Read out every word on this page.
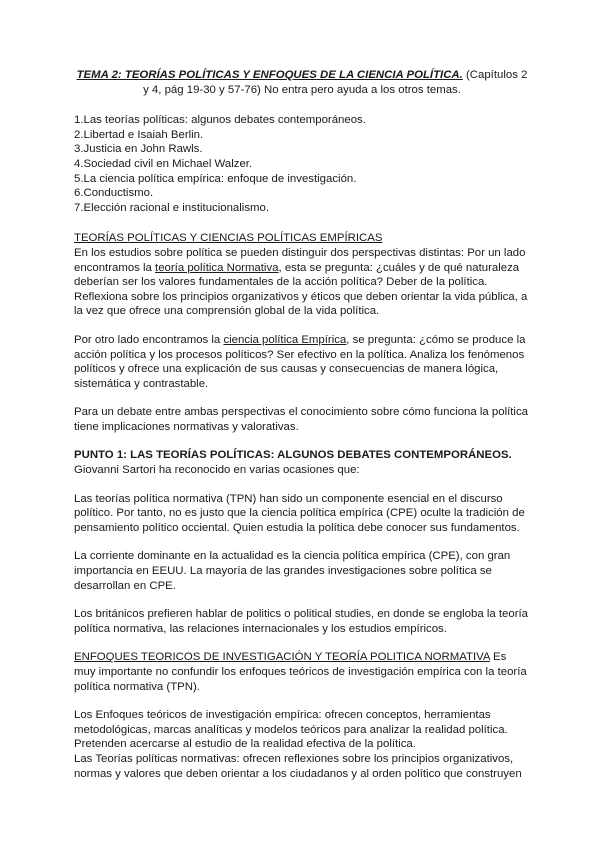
TEMA 2: TEORÍAS POLÍTICAS Y ENFOQUES DE LA CIENCIA POLÍTICA. (Capítulos 2 y 4, pág 19-30 y 57-76) No entra pero ayuda a los otros temas.
1.Las teorías políticas: algunos debates contemporáneos.
2.Libertad e Isaiah Berlin.
3.Justicia en John Rawls.
4.Sociedad civil en Michael Walzer.
5.La ciencia política empírica: enfoque de investigación.
6.Conductismo.
7.Elección racional e institucionalismo.
TEORÍAS POLÍTICAS Y CIENCIAS POLÍTICAS EMPÍRICAS

En los estudios sobre política se pueden distinguir dos perspectivas distintas: Por un lado encontramos la teoría política Normativa, esta se pregunta: ¿cuáles y de qué naturaleza deberían ser los valores fundamentales de la acción política? Deber de la política. Reflexiona sobre los principios organizativos y éticos que deben orientar la vida pública, a la vez que ofrece una comprensión global de la vida política.

Por otro lado encontramos la ciencia política Empírica, se pregunta: ¿cómo se produce la acción política y los procesos políticos? Ser efectivo en la política. Analiza los fenómenos políticos y ofrece una explicación de sus causas y consecuencias de manera lógica, sistemática y contrastable.

Para un debate entre ambas perspectivas el conocimiento sobre cómo funciona la política tiene implicaciones normativas y valorativas.

PUNTO 1: LAS TEORÍAS POLÍTICAS: ALGUNOS DEBATES CONTEMPORÁNEOS. Giovanni Sartori ha reconocido en varias ocasiones que:

Las teorías política normativa (TPN) han sido un componente esencial en el discurso político. Por tanto, no es justo que la ciencia política empírica (CPE) oculte la tradición de pensamiento político occiental. Quien estudia la política debe conocer sus fundamentos.

La corriente dominante en la actualidad es la ciencia política empírica (CPE), con gran importancia en EEUU. La mayoría de las grandes investigaciones sobre política se desarrollan en CPE.

Los británicos prefieren hablar de politics o political studies, en donde se engloba la teoría política normativa, las relaciones internacionales y los estudios empíricos.

ENFOQUES TEORICOS DE INVESTIGACIÓN Y TEORÍA POLITICA NORMATIVA Es muy importante no confundir los enfoques teóricos de investigación empírica con la teoría política normativa (TPN).

Los Enfoques teóricos de investigación empírica: ofrecen conceptos, herramientas metodológicas, marcas analíticas y modelos teóricos para analizar la realidad política. Pretenden acercarse al estudio de la realidad efectiva de la política.
Las Teorías políticas normativas: ofrecen reflexiones sobre los principios organizativos, normas y valores que deben orientar a los ciudadanos y al orden político que construyen
